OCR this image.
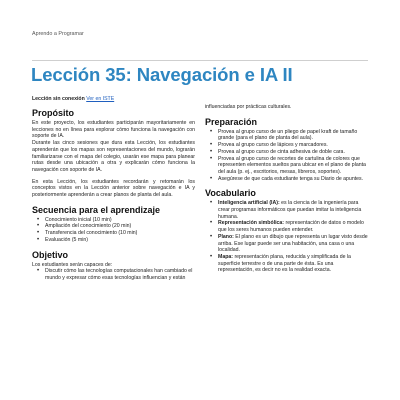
Aprendo a Programar
Lección 35: Navegación e IA II
Lección sin conexión Ver en ISTE
Propósito

En este proyecto, los estudiantes participarán mayoritariamente en lecciones no en línea para explorar cómo funciona la navegación con soporte de IA.

Durante las cinco sesiones que dura esta Lección, los estudiantes aprenderán que los mapas son representaciones del mundo, lograrán familiarizarse con el mapa del colegio, usarán ese mapa para planear rutas desde una ubicación a otra y explicarán cómo funciona la navegación con soporte de IA.

En esta Lección, los estudiantes recordarán y retomarán los conceptos vistos en la Lección anterior sobre navegación e IA y posteriormente aprenderán a crear planos de planta del aula.

Secuencia para el aprendizaje
• Conocimiento inicial (10 min)
• Ampliación del conocimiento (20 min)
• Transferencia del conocimiento (10 min)
• Evaluación (5 min)
Objetivo

Los estudiantes serán capaces de:

• Discutir cómo las tecnologías computacionales han cambiado el mundo y expresar cómo esas tecnologías influencian y están

influenciadas por prácticas culturales.

Preparación
• Provea al grupo curso de un pliego de papel kraft de tamaño grande (para el plano de planta del aula).
• Provea al grupo curso de lápices y marcadores.
• Provea al grupo curso de cinta adhesiva de doble cara.
• Provea al grupo curso de recortes de cartulina de colores que representen elementos sueltos para ubicar en el plano de planta del aula (p. ej., escritorios, mesas, libreros, soportes).
• Asegúrese de que cada estudiante tenga su Diario de apuntes.
Vocabulario
• Inteligencia artificial (IA): es la ciencia de la ingeniería para crear programas informáticos que puedan imitar la inteligencia humana.
• Representación simbólica: representación de datos o modelo que los seres humanos pueden entender.
• Plano: El plano es un dibujo que representa un lugar visto desde arriba. Ese lugar puede ser una habitación, una casa o una localidad.
• Mapa: representación plana, reducida y simplificada de la superficie terrestre o de una parte de ésta. Es una representación, es decir no es la realidad exacta.
